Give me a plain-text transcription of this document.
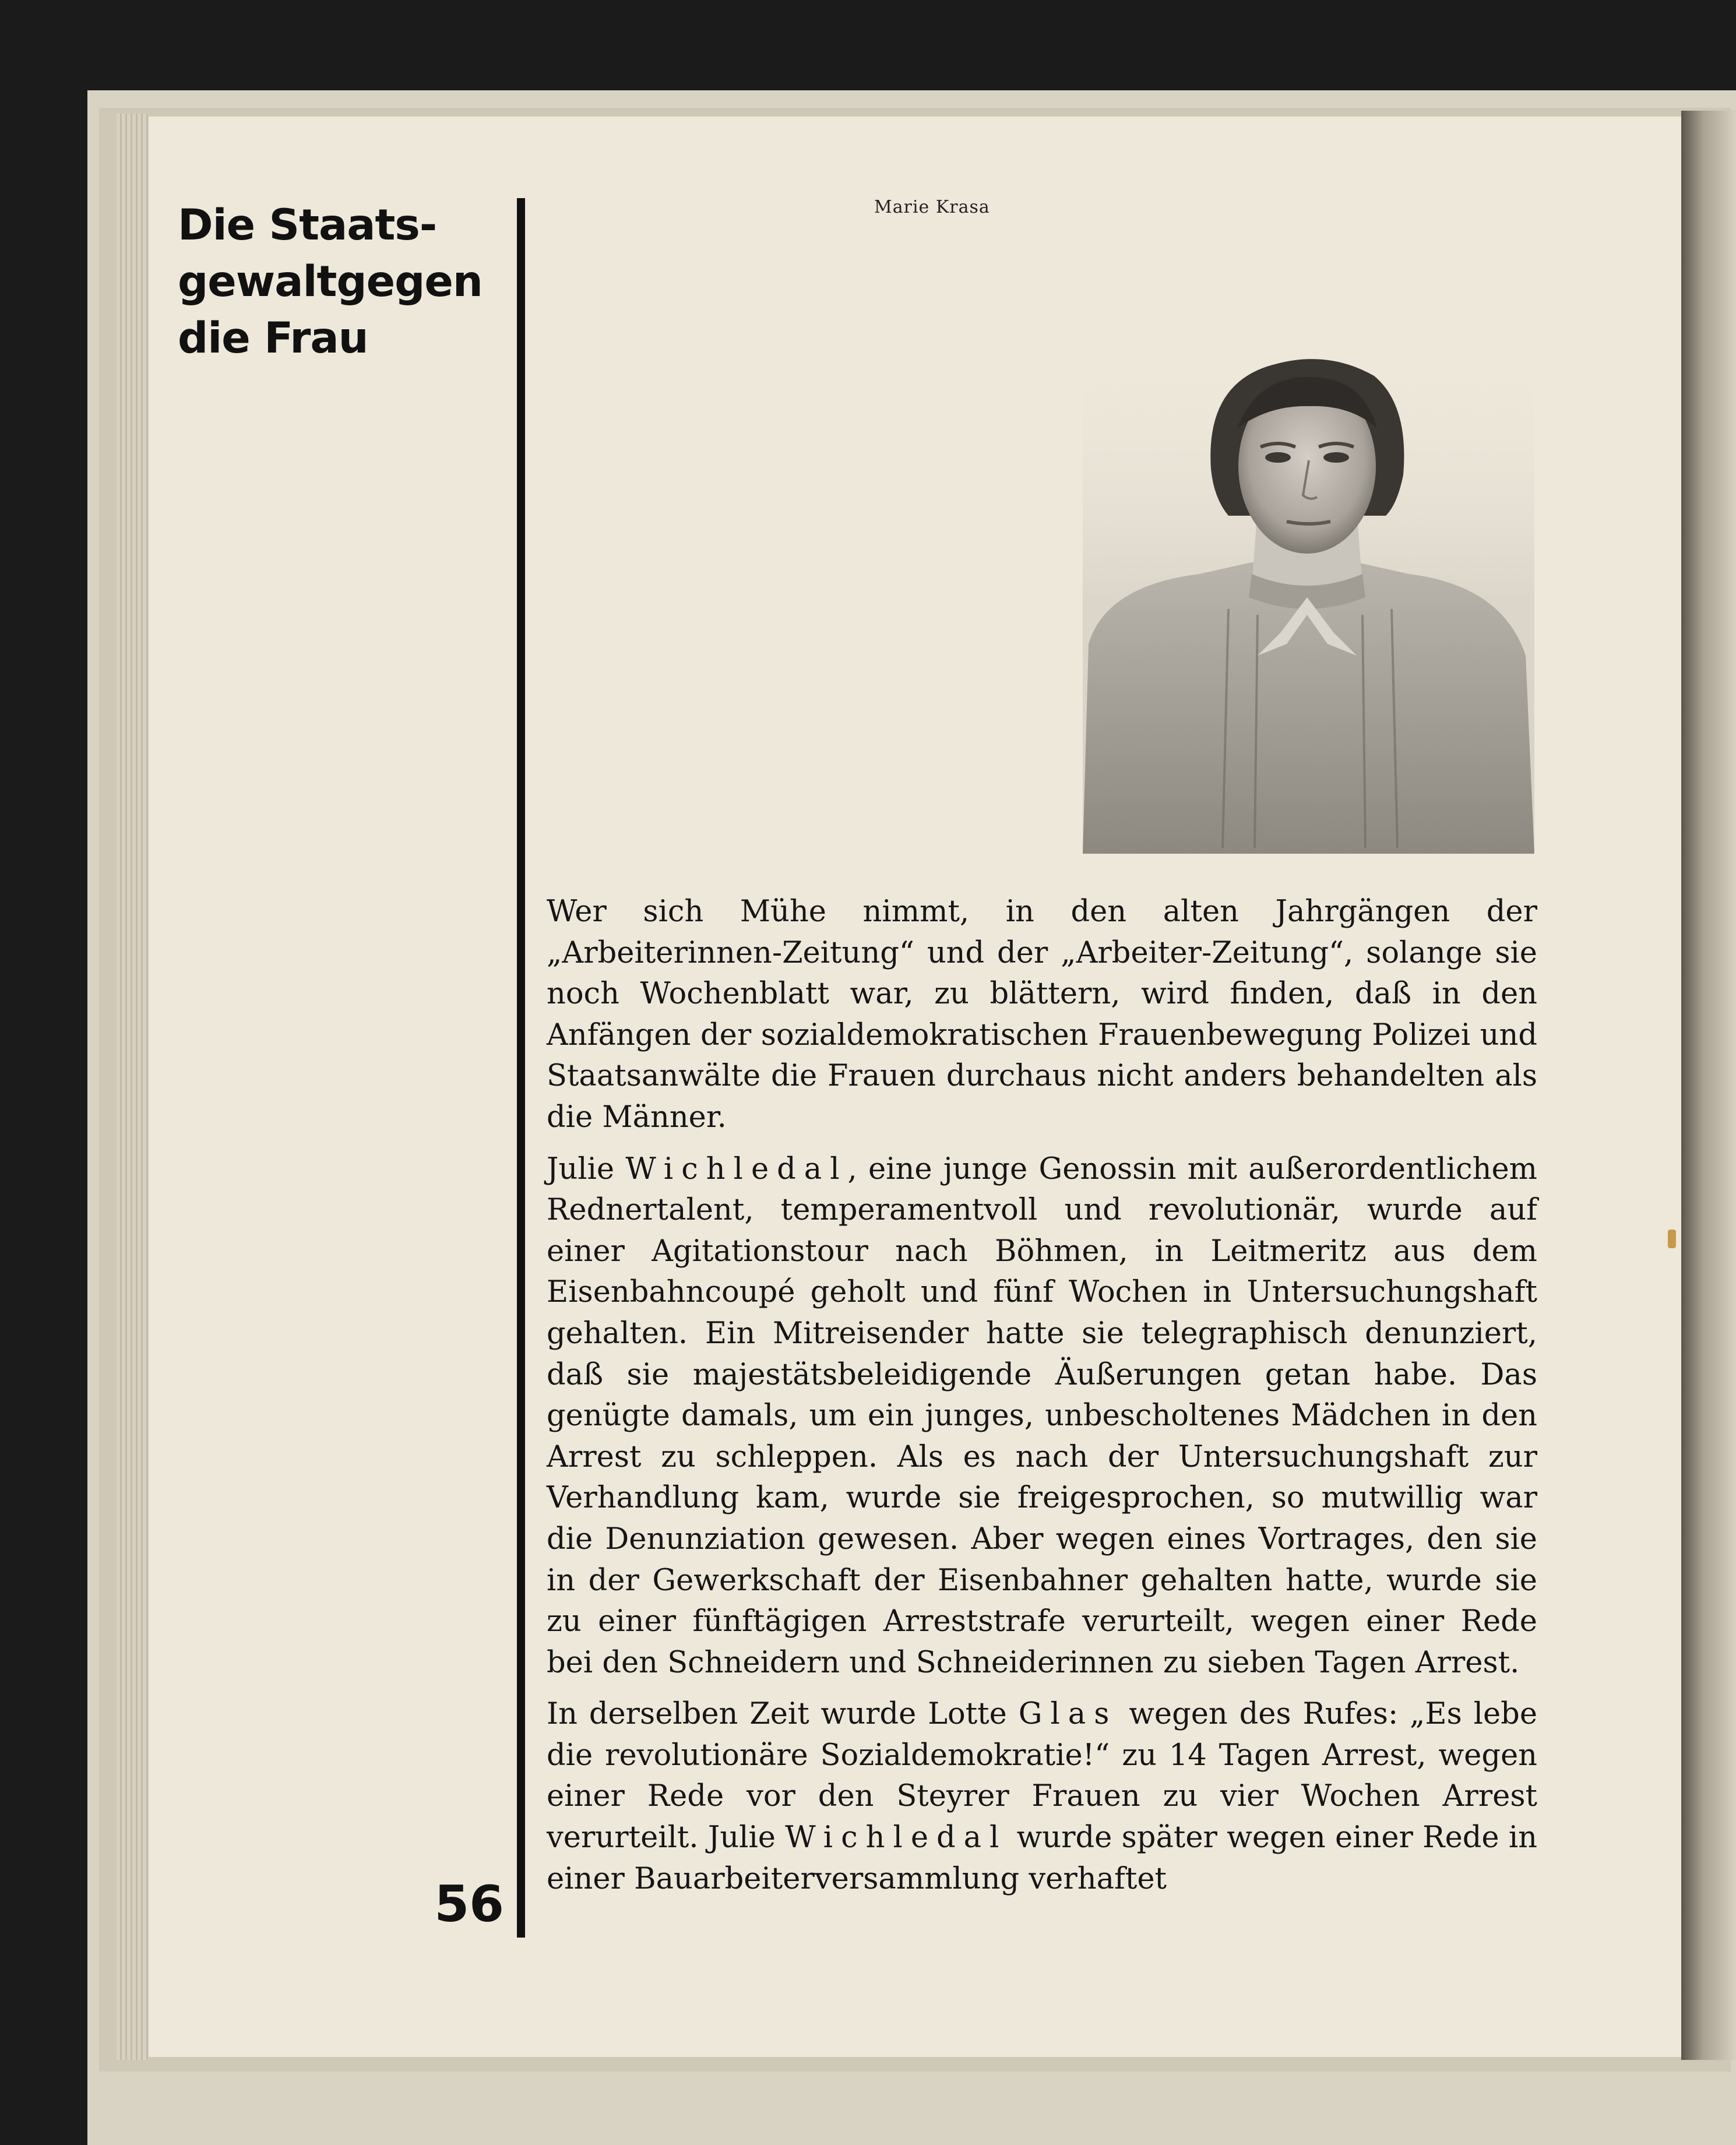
Die Staats-
gewaltgegen
die Frau
56
Marie Krasa

Wer sich Mühe nimmt, in den alten Jahrgängen der „Arbeiterinnen-Zeitung“ und der „Arbeiter-Zeitung“, solange sie noch Wochenblatt war, zu blättern, wird finden, daß in den Anfängen der sozialdemokratischen Frauenbewegung Polizei und Staatsanwälte die Frauen durchaus nicht anders behandelten als die Männer.

Julie Wichledal, eine junge Genossin mit außerordentlichem Rednertalent, temperamentvoll und revolutionär, wurde auf einer Agitationstour nach Böhmen, in Leitmeritz aus dem Eisenbahncoupé geholt und fünf Wochen in Untersuchungshaft gehalten. Ein Mitreisender hatte sie telegraphisch denunziert, daß sie majestätsbeleidigende Äußerungen getan habe. Das genügte damals, um ein junges, unbescholtenes Mädchen in den Arrest zu schleppen. Als es nach der Untersuchungshaft zur Verhandlung kam, wurde sie freigesprochen, so mutwillig war die Denunziation gewesen. Aber wegen eines Vortrages, den sie in der Gewerkschaft der Eisenbahner gehalten hatte, wurde sie zu einer fünftägigen Arreststrafe verurteilt, wegen einer Rede bei den Schneidern und Schneiderinnen zu sieben Tagen Arrest.

In derselben Zeit wurde Lotte Glas wegen des Rufes: „Es lebe die revolutionäre Sozialdemokratie!“ zu 14 Tagen Arrest, wegen einer Rede vor den Steyrer Frauen zu vier Wochen Arrest verurteilt. Julie Wichledal wurde später wegen einer Rede in einer Bauarbeiterversammlung verhaftet
